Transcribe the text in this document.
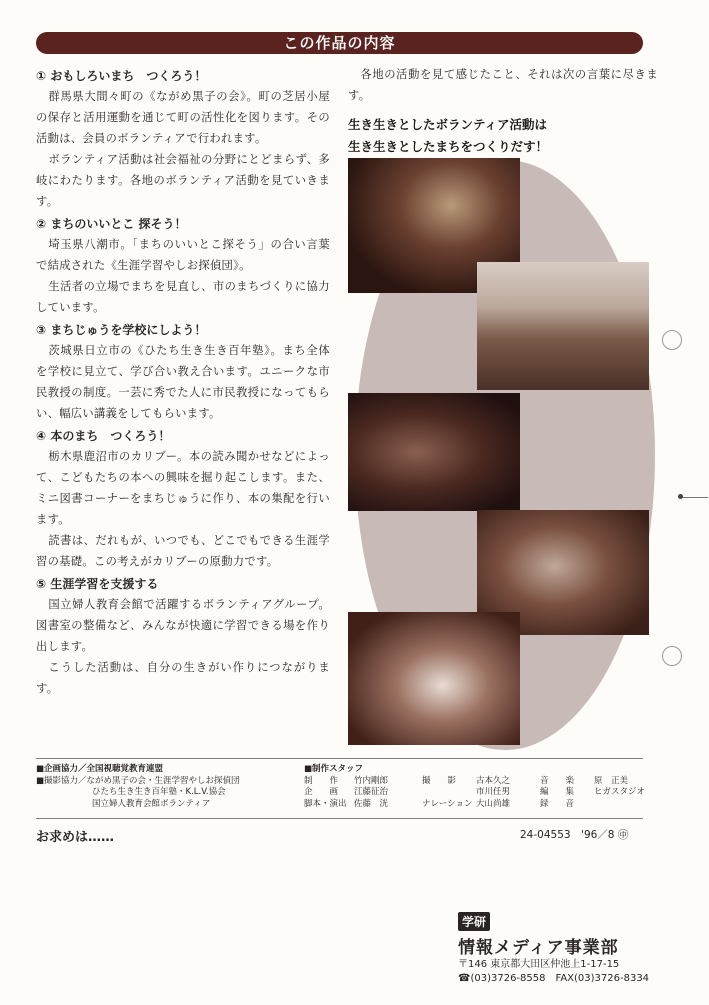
この作品の内容
① おもしろいまち　つくろう！
群馬県大間々町の《ながめ黒子の会》。町の芝居小屋の保存と活用運動を通じて町の活性化を図ります。その活動は、会員のボランティアで行われます。
ボランティア活動は社会福祉の分野にとどまらず、多岐にわたります。各地のボランティア活動を見ていきます。
② まちのいいとこ 探そう！
埼玉県八潮市。「まちのいいとこ探そう」の合い言葉で結成された《生涯学習やしお探偵団》。
生活者の立場でまちを見直し、市のまちづくりに協力しています。
③ まちじゅうを学校にしよう！
茨城県日立市の《ひたち生き生き百年塾》。まち全体を学校に見立て、学び合い教え合います。ユニークな市民教授の制度。一芸に秀でた人に市民教授になってもらい、幅広い講義をしてもらいます。
④ 本のまち　つくろう！
栃木県鹿沼市のカリブー。本の読み聞かせなどによって、こどもたちの本への興味を掘り起こします。また、ミニ図書コーナーをまちじゅうに作り、本の集配を行います。
読書は、だれもが、いつでも、どこでもできる生涯学習の基礎。この考えがカリブーの原動力です。
⑤ 生涯学習を支援する
国立婦人教育会館で活躍するボランティアグループ。図書室の整備など、みんなが快適に学習できる場を作り出します。
こうした活動は、自分の生きがい作りにつながります。
各地の活動を見て感じたこと、それは次の言葉に尽きます。
生き生きとしたボランティア活動は
生き生きとしたまちをつくりだす！
■企画協力／全国視聴覚教育連盟
■撮影協力／ながめ黒子の会・生涯学習やしお探偵団
ひたち生き生き百年塾・K.L.V.協会
国立婦人教育会館ボランティア
■制作スタッフ
制　　作 竹内剛郎	撮　　影 古本久之	音　　楽 原　正美
企　　画 江藤征治	市川任男	編　　集 ヒガスタジオ
脚本・演出 佐藤　洸	ナレーション 大山尚雄	録　　音
お求めは……	24-04553　'96／8 ㊥
学研
情報メディア事業部
〒146 東京都大田区仲池上1-17-15
☎(03)3726-8558　FAX(03)3726-8334
